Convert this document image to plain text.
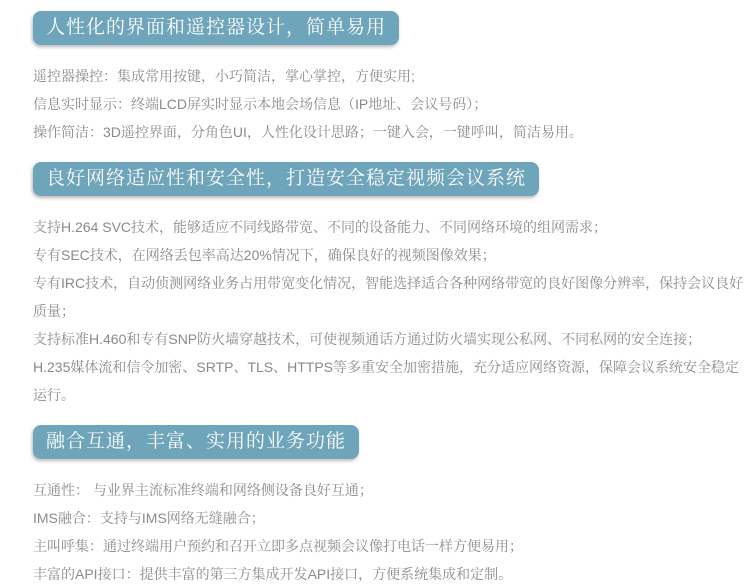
人性化的界面和遥控器设计，简单易用

遥控器操控：集成常用按键，小巧简洁，掌心掌控，方便实用;

信息实时显示：终端LCD屏实时显示本地会场信息（IP地址、会议号码）；

操作简洁：3D遥控界面，分角色UI，人性化设计思路；一键入会，一键呼叫，简洁易用。

良好网络适应性和安全性，打造安全稳定视频会议系统

支持H.264 SVC技术，能够适应不同线路带宽、不同的设备能力、不同网络环境的组网需求；

专有SEC技术，在网络丢包率高达20%情况下，确保良好的视频图像效果；

专有IRC技术，自动侦测网络业务占用带宽变化情况，智能选择适合各种网络带宽的良好图像分辨率，保持会议良好质量；

支持标准H.460和专有SNP防火墙穿越技术，可使视频通话方通过防火墙实现公私网、不同私网的安全连接；

H.235媒体流和信令加密、SRTP、TLS、HTTPS等多重安全加密措施，充分适应网络资源，保障会议系统安全稳定运行。

融合互通，丰富、实用的业务功能

互通性： 与业界主流标准终端和网络侧设备良好互通；

IMS融合：支持与IMS网络无缝融合；

主叫呼集：通过终端用户预约和召开立即多点视频会议像打电话一样方便易用；

丰富的API接口：提供丰富的第三方集成开发API接口，方便系统集成和定制。
